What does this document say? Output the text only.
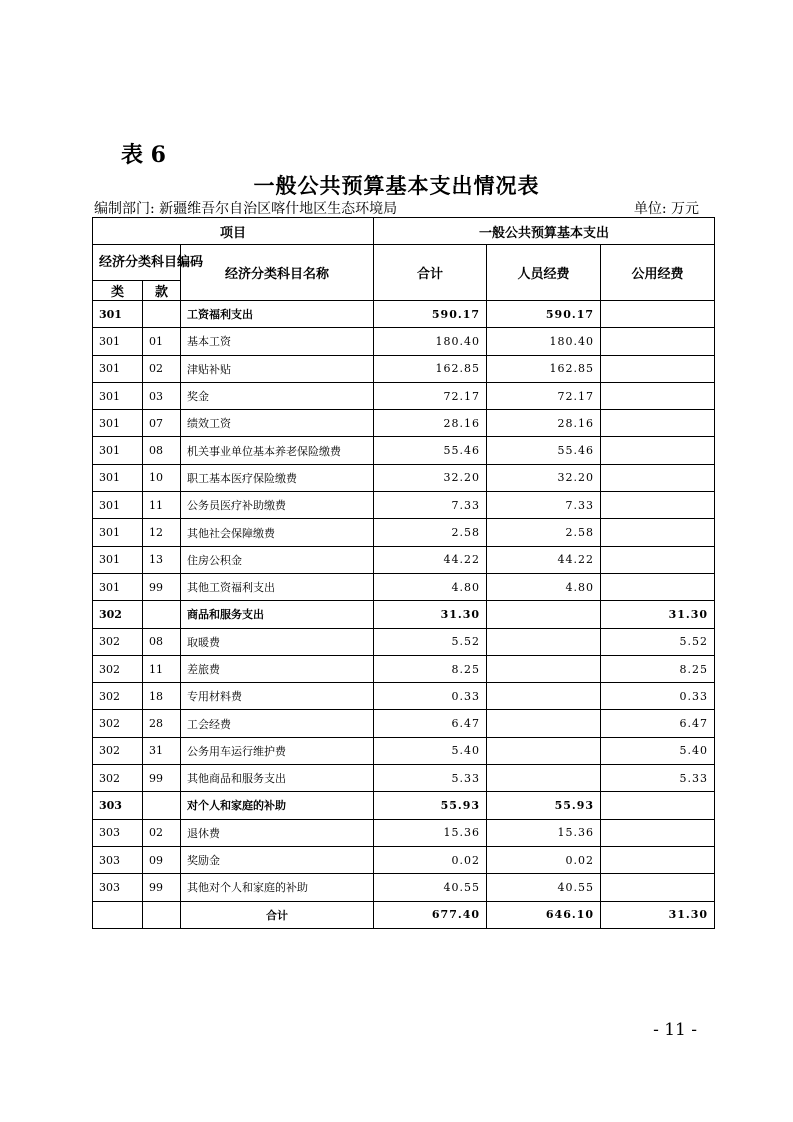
表 6
一般公共预算基本支出情况表
编制部门: 新疆维吾尔自治区喀什地区生态环境局	单位: 万元
项目			一般公共预算基本支出		
经济分类科目编码		经济分类科目名称	合计	人员经费	公用经费
类	款				
301		工资福利支出	590.17	590.17	
301	01	基本工资	180.40	180.40	
301	02	津贴补贴	162.85	162.85	
301	03	奖金	72.17	72.17	
301	07	绩效工资	28.16	28.16	
301	08	机关事业单位基本养老保险缴费	55.46	55.46	
301	10	职工基本医疗保险缴费	32.20	32.20	
301	11	公务员医疗补助缴费	7.33	7.33	
301	12	其他社会保障缴费	2.58	2.58	
301	13	住房公积金	44.22	44.22	
301	99	其他工资福利支出	4.80	4.80	
302		商品和服务支出	31.30		31.30
302	08	取暖费	5.52		5.52
302	11	差旅费	8.25		8.25
302	18	专用材料费	0.33		0.33
302	28	工会经费	6.47		6.47
302	31	公务用车运行维护费	5.40		5.40
302	99	其他商品和服务支出	5.33		5.33
303		对个人和家庭的补助	55.93	55.93	
303	02	退休费	15.36	15.36	
303	09	奖励金	0.02	0.02	
303	99	其他对个人和家庭的补助	40.55	40.55	
		合计	677.40	646.10	31.30
- 11 -
